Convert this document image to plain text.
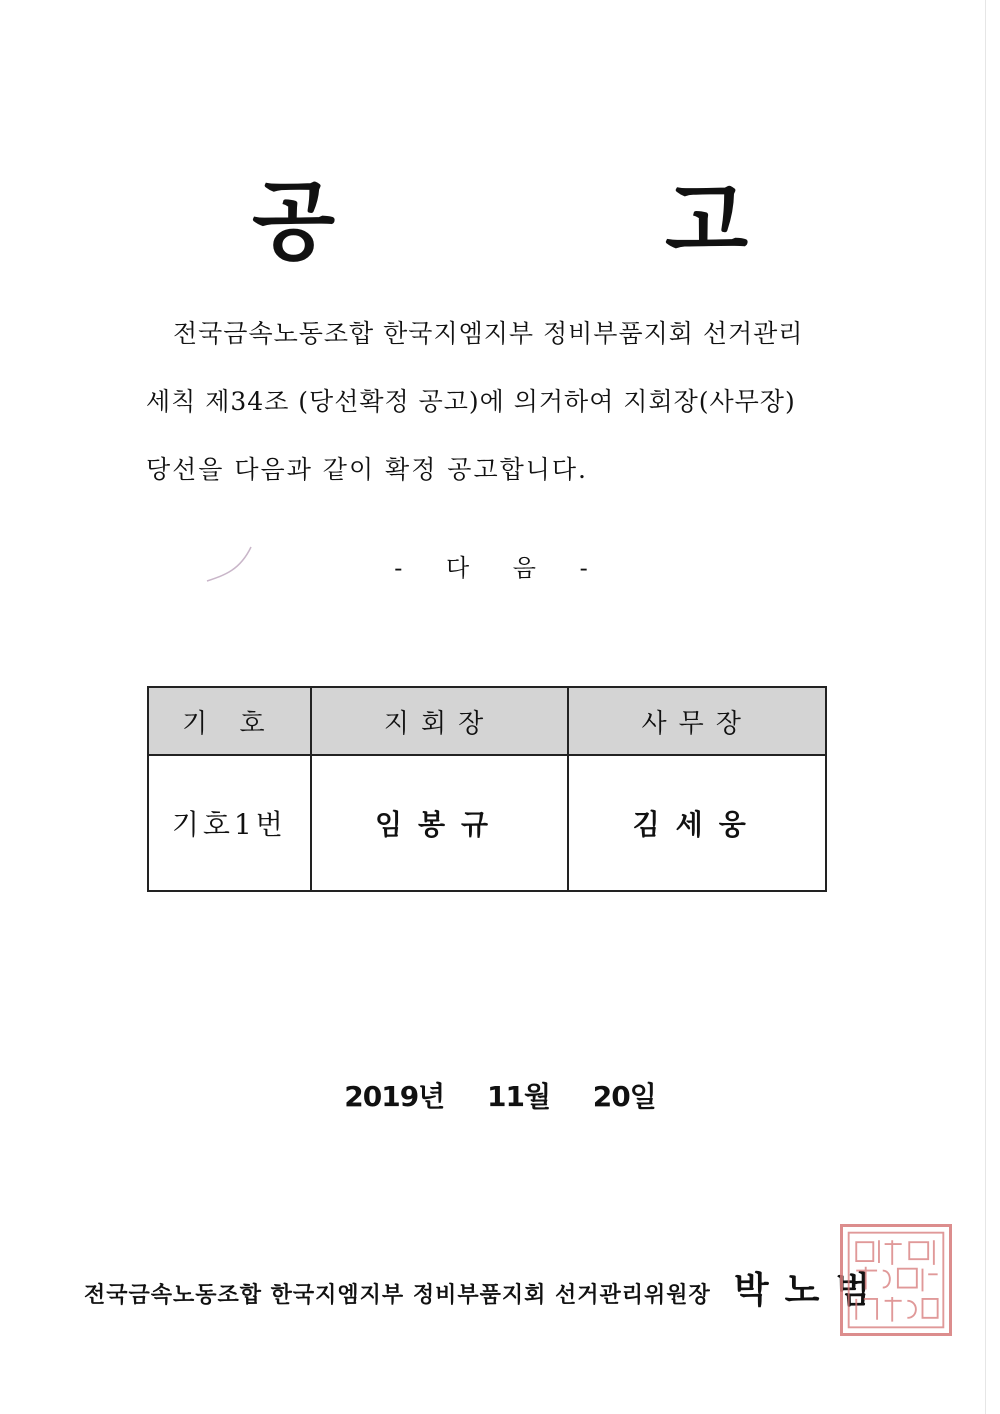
공 고

전국금속노동조합 한국지엠지부 정비부품지회 선거관리

세칙 제34조 (당선확정 공고)에 의거하여 지회장(사무장)

당선을 다음과 같이 확정 공고합니다.

- 다 음 -

기 호	지회장	사무장
기호1번	임봉규	김세웅

2019년 11월 20일

전국금속노동조합 한국지엠지부 정비부품지회 선거관리위원장 박노범
